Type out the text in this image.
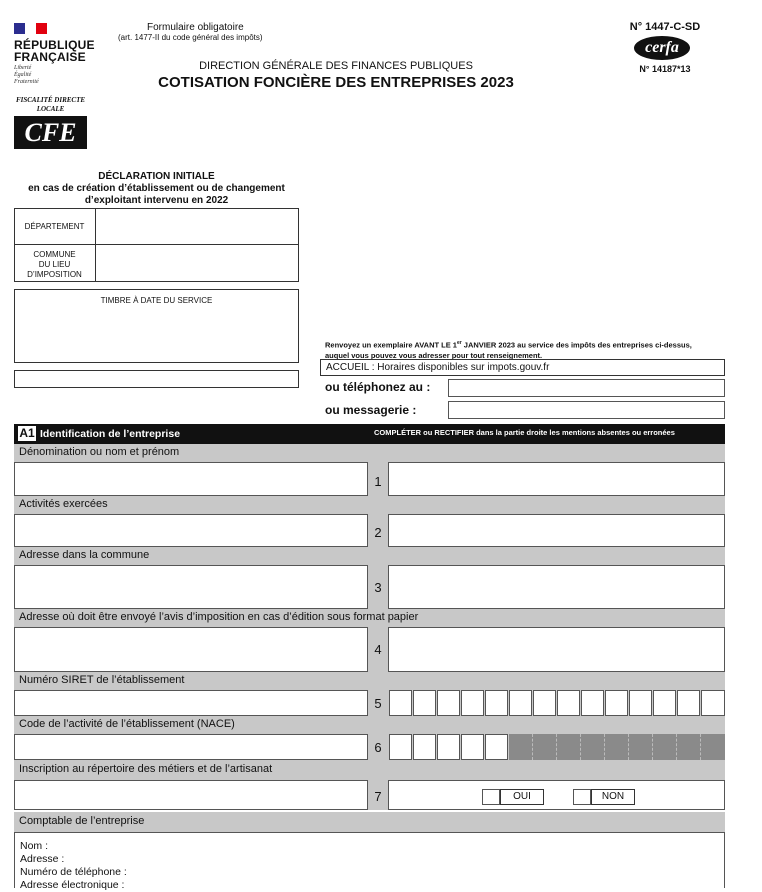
RÉPUBLIQUE
FRANÇAISE
Liberté
Égalité
Fraternité
FISCALITÉ DIRECTE
LOCALE
CFE
Formulaire obligatoire
(art. 1477-II du code général des impôts)
DIRECTION GÉNÉRALE DES FINANCES PUBLIQUES
COTISATION FONCIÈRE DES ENTREPRISES 2023
N° 1447-C-SD
cerfa
N° 14187*13
DÉCLARATION INITIALE
en cas de création d’établissement ou de changement
d’exploitant intervenu en 2022
DÉPARTEMENT
COMMUNE
DU LIEU
D’IMPOSITION
TIMBRE À DATE DU SERVICE
Renvoyez un exemplaire AVANT LE 1er JANVIER 2023 au service des impôts des entreprises ci-dessus,
auquel vous pouvez vous adresser pour tout renseignement.
ACCUEIL : Horaires disponibles sur impots.gouv.fr
ou téléphonez au :
ou messagerie :
A1 Identification de l’entreprise	COMPLÉTER ou RECTIFIER dans la partie droite les mentions absentes ou erronées
Dénomination ou nom et prénom
1
Activités exercées
2
Adresse dans la commune
3
Adresse où doit être envoyé l’avis d’imposition en cas d’édition sous format papier
4
Numéro SIRET de l’établissement
5
Code de l’activité de l’établissement (NACE)
6
Inscription au répertoire des métiers et de l’artisanat
7	OUI	NON
Comptable de l’entreprise
Nom :
Adresse :
Numéro de téléphone :
Adresse électronique :
